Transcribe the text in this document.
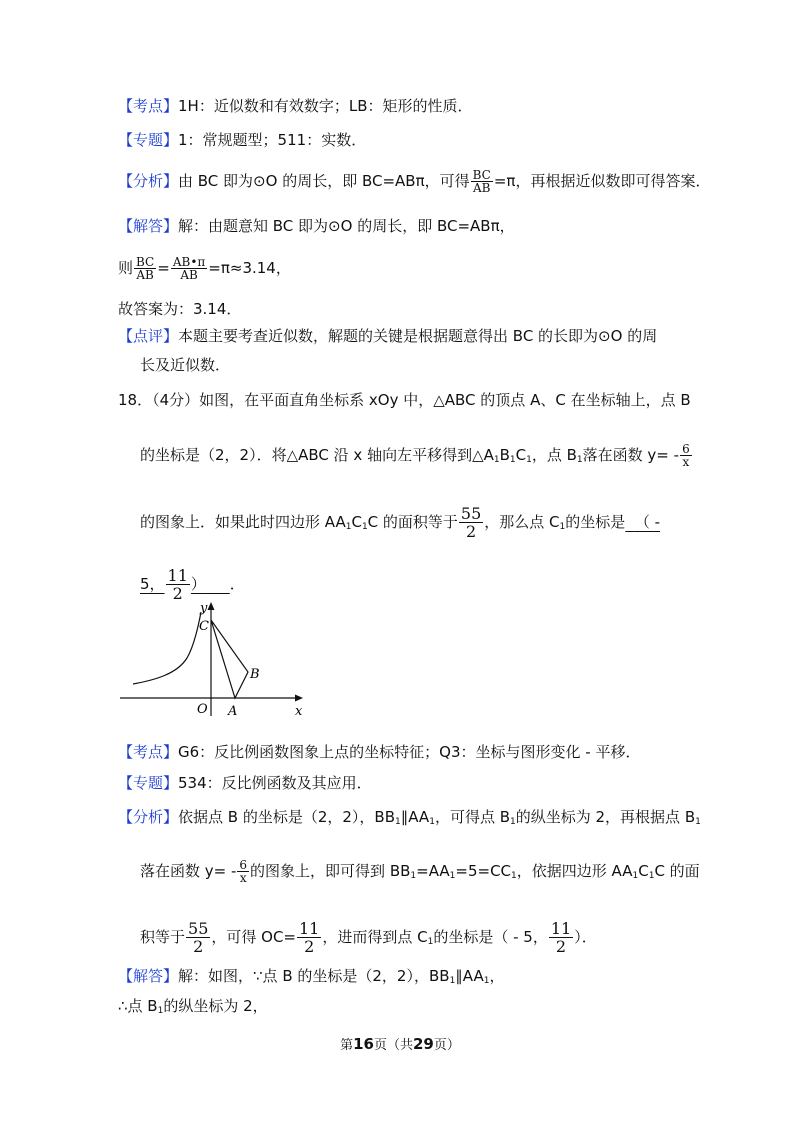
【考点】1H：近似数和有效数字；LB：矩形的性质．
【专题】1：常规题型；511：实数．
【分析】由 BC 即为⊙O 的周长，即 BC=ABπ，可得 $\frac{BC}{AB} =\pi$，再根据近似数即可得答案．
【解答】解：由题意知 BC 即为⊙O 的周长，即 BC=ABπ，
则 $\frac{BC}{AB} = \frac{AB•\pi}{AB} =\pi\approx 3.14$，
故答案为：3.14．
【点评】本题主要考查近似数，解题的关键是根据题意得出 BC 的长即为⊙O 的周
长及近似数．
18．（4分）如图，在平面直角坐标系 xOy 中，△ABC 的顶点 A、C 在坐标轴上，点 B
的坐标是（2，2）．将△ABC 沿 x 轴向左平移得到$\triangle A_1B_1C_1$，点 $B_1$落在函数 $y= - \frac{6}{x}$
的图象上．如果此时四边形 $AA_1C_1C$ 的面积等于 $\frac{55}{2}$ ，那么点 $C_1$的坐标是 （ -
5， $\frac{11}{2}$ ） ．
y
x
C
B
O A
【考点】G6：反比例函数图象上点的坐标特征；Q3：坐标与图形变化 - 平移．
【专题】534：反比例函数及其应用．
【分析】依据点 B 的坐标是（2，2），$BB_1\parallel AA_1$，可得点 $B_1$的纵坐标为 2，再根据点 $B_1$
落在函数 $y= - \frac{6}{x}$ 的图象上，即可得到 $BB_1=AA_1=5=CC_1$，依据四边形 $AA_1C_1C$ 的面
积等于 $\frac{55}{2}$ ，可得 $OC= \frac{11}{2}$ ，进而得到点 $C_1$的坐标是（ - 5， $\frac{11}{2}$ ）．
【解答】解：如图，∵点 B 的坐标是（2，2），$BB_1\parallel AA_1$，
∴点 $B_1$的纵坐标为 2，
第16页（共29页）
